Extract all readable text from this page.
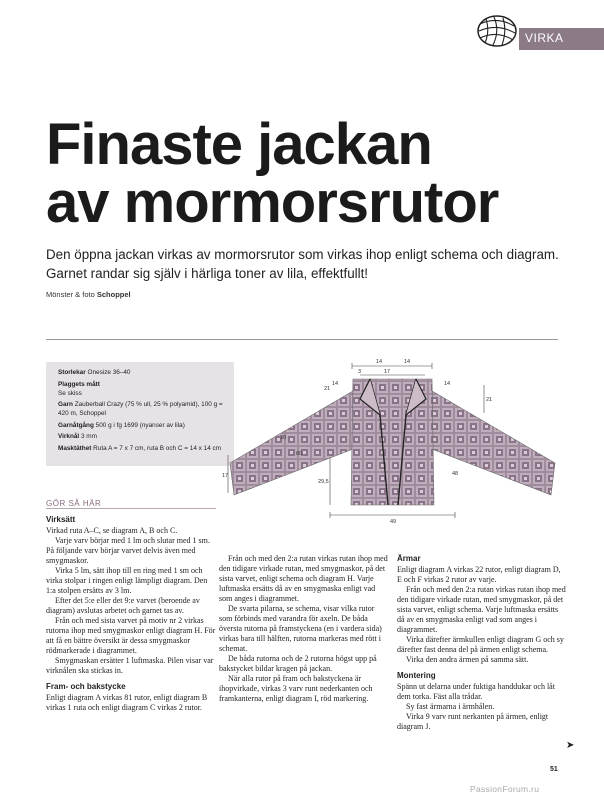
VIRKA
Finaste jackan
av mormorsrutor

Den öppna jackan virkas av mormorsrutor som virkas ihop enligt schema och diagram. Garnet randar sig själv i härliga toner av lila, effektfullt!

Mönster & foto Schoppel

Storlekar Onesize 36–40

Plaggets mått
Se skiss

Garn Zauberball Crazy (75 % ull, 25 % polyamid), 100 g = 420 m, Schoppel

Garnåtgång 500 g i fg 1699 (nyanser av lila)

Virknål 3 mm

Masktäthet Ruta A = 7 x 7 cm, ruta B och C = 14 x 14 cm

14	14
3	17
21
21
14
14
30
29,5
80
17
49
48
GÖR SÅ HÄR
Virksätt

Virkad ruta A–C, se diagram A, B och C.

Varje varv börjar med 1 lm och slutar med 1 sm. På följande varv börjar varvet delvis även med smygmaskor.

Virka 5 lm, sätt ihop till en ring med 1 sm och virka stolpar i ringen enligt lämpligt diagram. Den 1:a stolpen ersätts av 3 lm.

Efter det 5:e eller det 9:e varvet (beroende av diagram) avslutas arbetet och garnet tas av.

Från och med sista varvet på motiv nr 2 virkas rutorna ihop med smygmaskor enligt diagram H. För att få en bättre översikt är dessa smygmaskor rödmarkerade i diagrammet.

Smygmaskan ersätter 1 luftmaska. Pilen visar var virknålen ska stickas in.

Fram- och bakstycke

Enligt diagram A virkas 81 rutor, enligt diagram B virkas 1 ruta och enligt diagram C virkas 2 rutor.

Från och med den 2:a rutan virkas rutan ihop med den tidigare virkade rutan, med smygmaskor, på det sista varvet, enligt schema och diagram H. Varje luftmaska ersätts då av en smygmaska enligt vad som anges i diagrammet.

De svarta pilarna, se schema, visar vilka rutor som förbinds med varandra för axeln. De båda översta rutorna på framstyckena (en i vardera sida) virkas bara till hälften, rutorna markeras med rött i schemat.

De båda rutorna och de 2 rutorna högst upp på bakstycket bildar kragen på jackan.

När alla rutor på fram och bakstyckena är ihopvirkade, virkas 3 varv runt nederkanten och framkanterna, enligt diagram I, röd markering.

Ärmar

Enligt diagram A virkas 22 rutor, enligt diagram D, E och F virkas 2 rutor av varje.

Från och med den 2:a rutan virkas rutan ihop med den tidigare virkade rutan, med smygmaskor, på det sista varvet, enligt schema. Varje luftmaska ersätts då av en smygmaska enligt vad som anges i diagrammet.

Virka därefter ärmkullen enligt diagram G och sy därefter fast denna del på ärmen enligt schema.

Virka den andra ärmen på samma sätt.

Montering

Spänn ut delarna under fuktiga handdukar och låt dem torka. Fäst alla trådar.

Sy fast ärmarna i ärmhålen.

Virka 9 varv runt nerkanten på ärmen, enligt diagram J.

➤
51
PassionForum.ru
